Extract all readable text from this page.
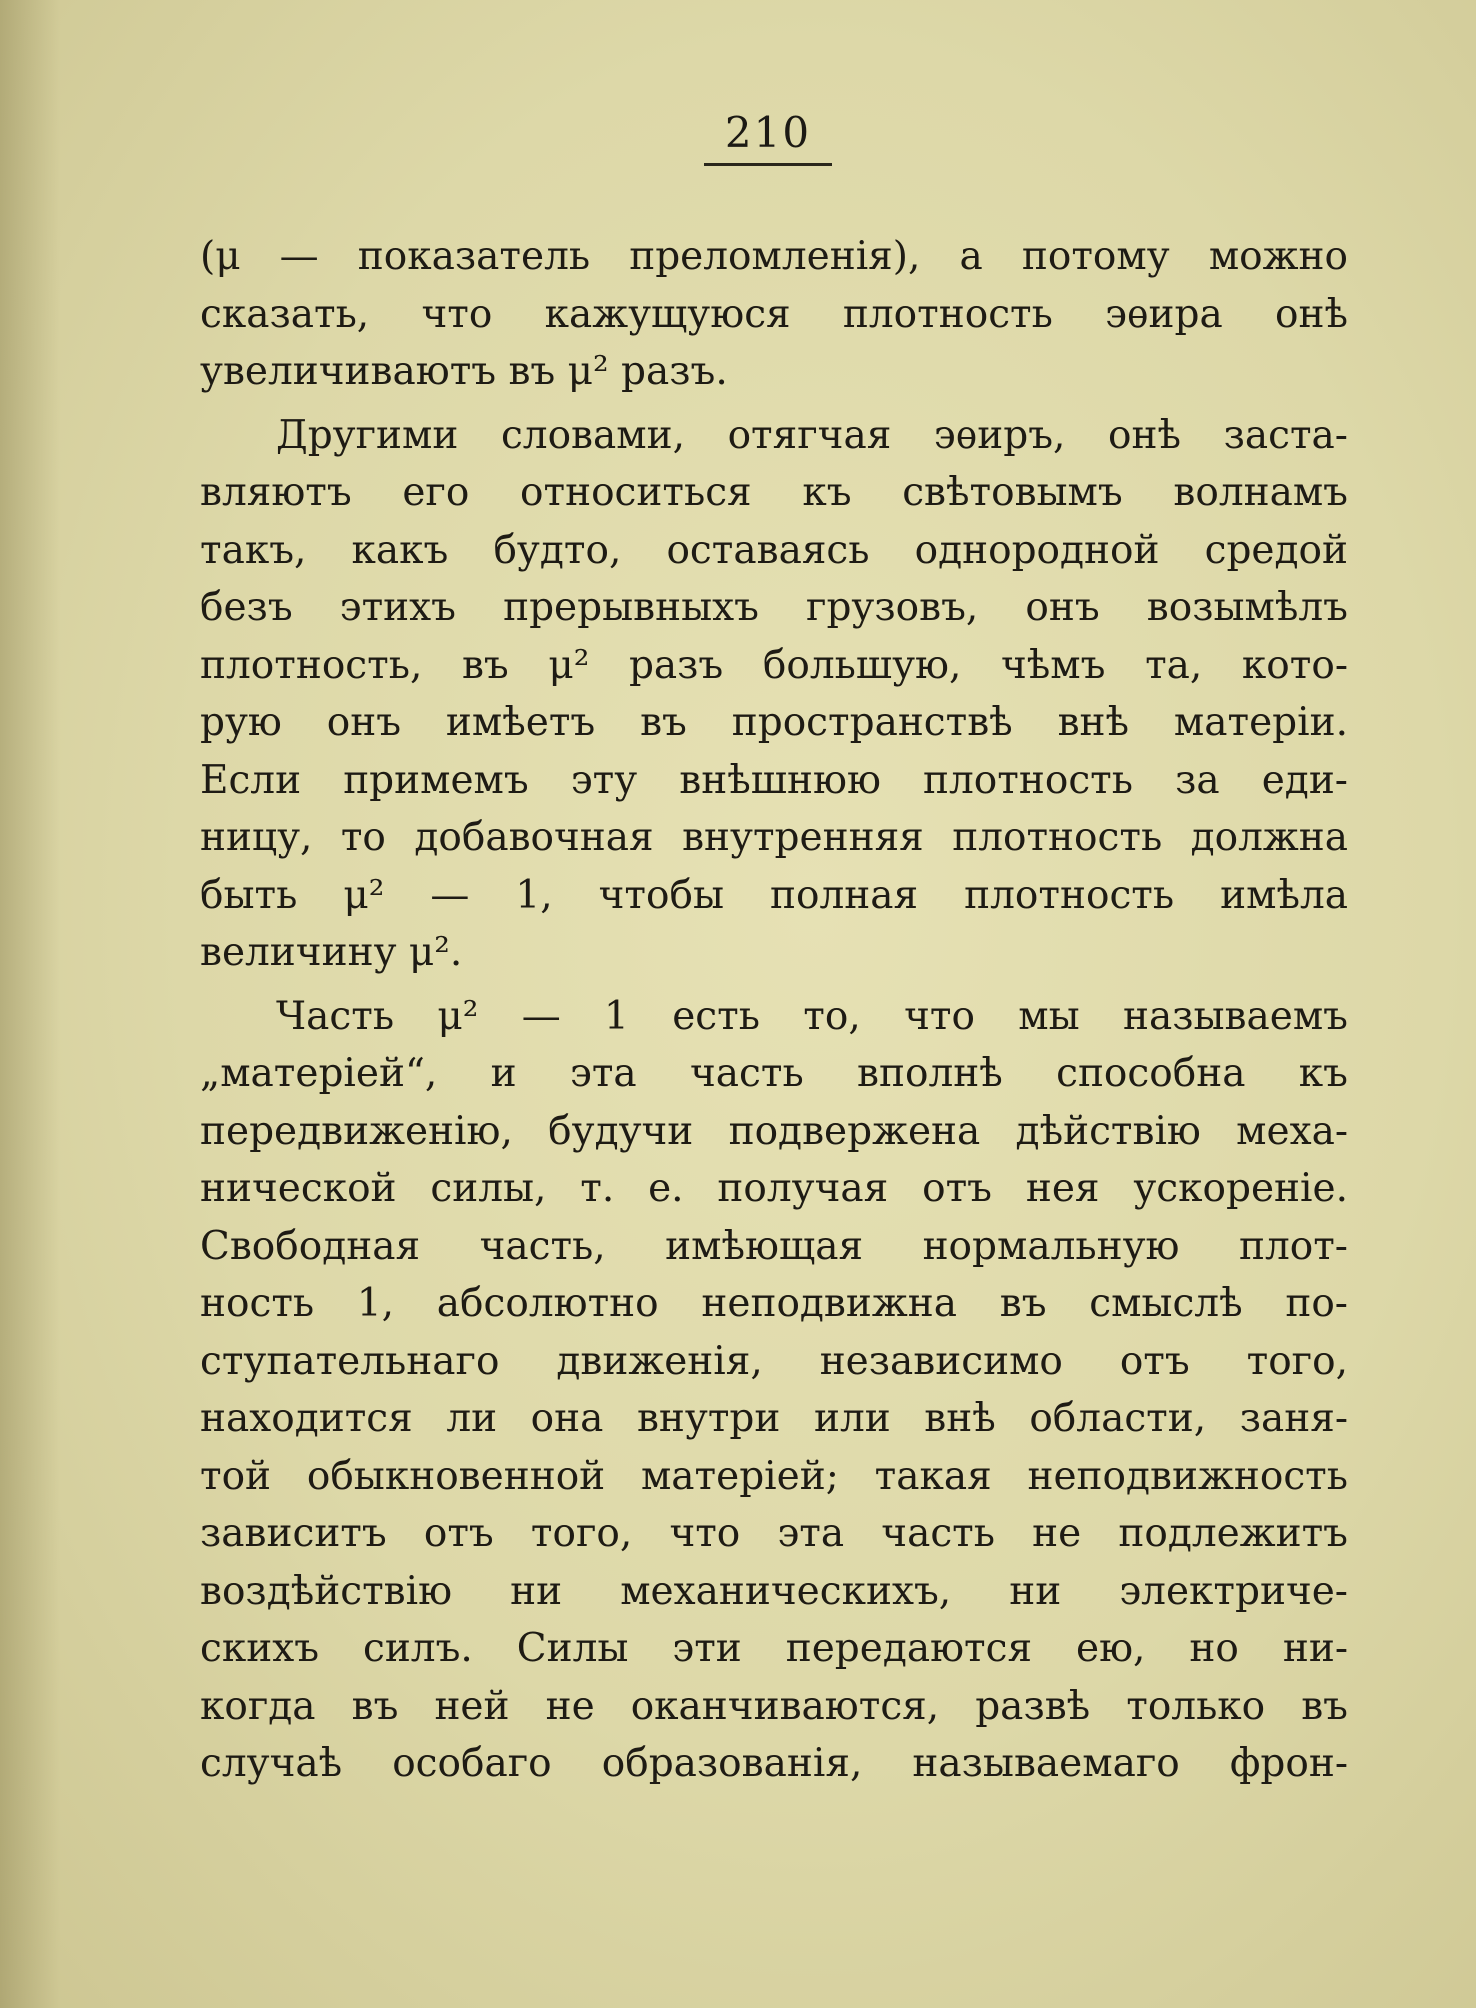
210
(μ — показатель преломленія), а потому можно
сказать, что кажущуюся плотность эѳира онѣ
увеличиваютъ въ μ² разъ.
Другими словами, отягчая эѳиръ, онѣ заста-
вляютъ его относиться къ свѣтовымъ волнамъ
такъ, какъ будто, оставаясь однородной средой
безъ этихъ прерывныхъ грузовъ, онъ возымѣлъ
плотность, въ μ² разъ большую, чѣмъ та, кото-
рую онъ имѣетъ въ пространствѣ внѣ матеріи.
Если примемъ эту внѣшнюю плотность за еди-
ницу, то добавочная внутренняя плотность должна
быть μ² — 1, чтобы полная плотность имѣла
величину μ².
Часть μ² — 1 есть то, что мы называемъ
„матеріей“, и эта часть вполнѣ способна къ
передвиженію, будучи подвержена дѣйствію меха-
нической силы, т. е. получая отъ нея ускореніе.
Свободная часть, имѣющая нормальную плот-
ность 1, абсолютно неподвижна въ смыслѣ по-
ступательнаго движенія, независимо отъ того,
находится ли она внутри или внѣ области, заня-
той обыкновенной матеріей; такая неподвижность
зависитъ отъ того, что эта часть не подлежитъ
воздѣйствію ни механическихъ, ни электриче-
скихъ силъ. Силы эти передаются ею, но ни-
когда въ ней не оканчиваются, развѣ только въ
случаѣ особаго образованія, называемаго фрон-
